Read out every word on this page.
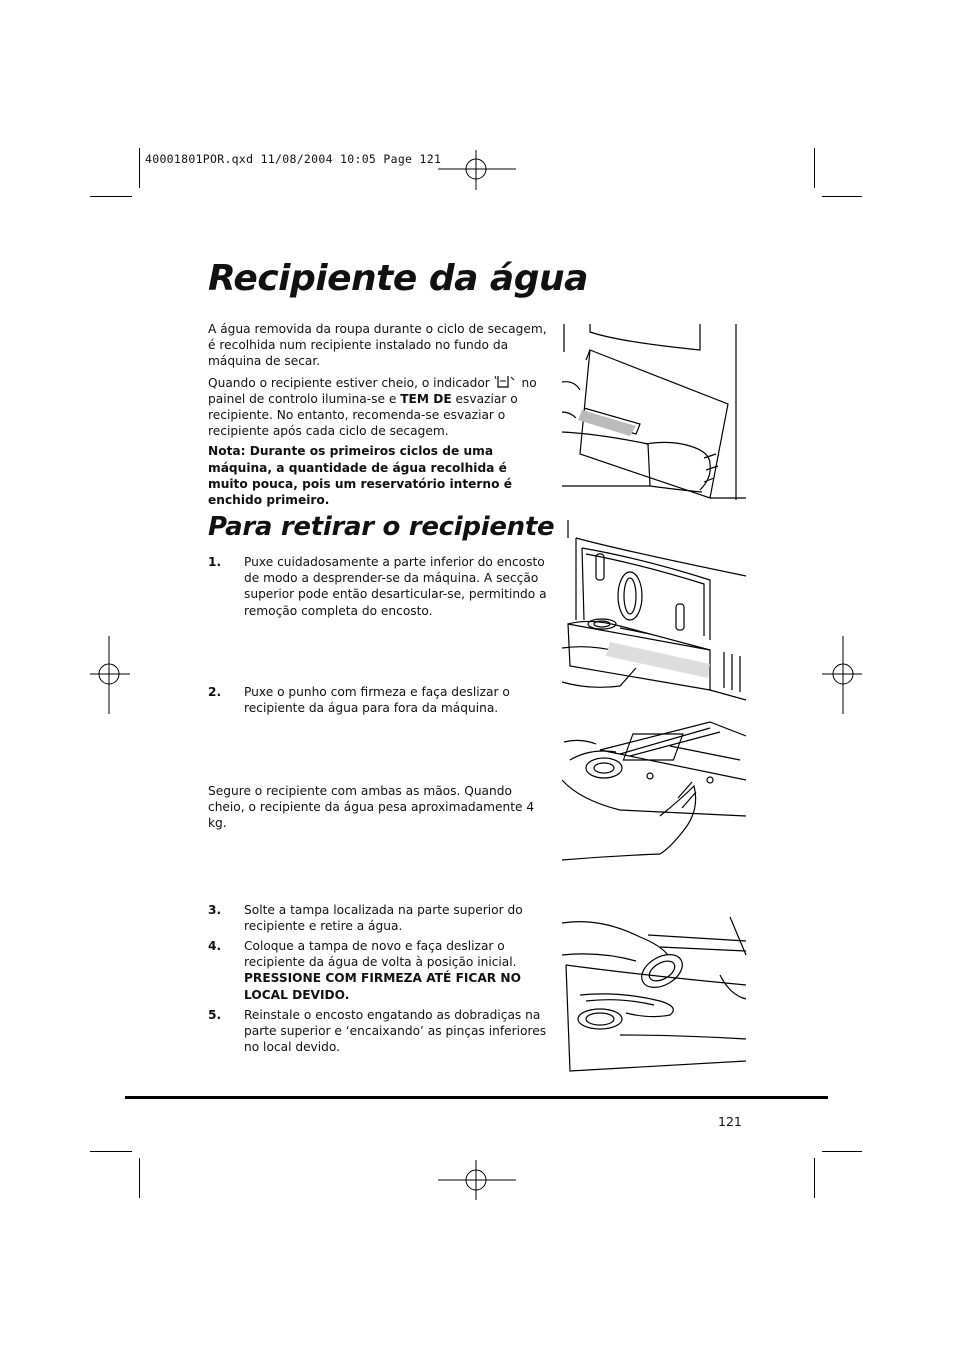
40001801POR.qxd 11/08/2004 10:05 Page 121
Recipiente da água

A água removida da roupa durante o ciclo de secagem, é recolhida num recipiente instalado no fundo da máquina de secar.

Quando o recipiente estiver cheio, o indicador	no painel de controlo ilumina-se e TEM DE esvaziar o recipiente. No entanto, recomenda-se esvaziar o recipiente após cada ciclo de secagem.

Nota: Durante os primeiros ciclos de uma máquina, a quantidade de água recolhida é muito pouca, pois um reservatório interno é enchido primeiro.

Para retirar o recipiente
1.	Puxe cuidadosamente a parte inferior do encosto de modo a desprender-se da máquina. A secção superior pode então desarticular-se, permitindo a remoção completa do encosto.
2.	Puxe o punho com firmeza e faça deslizar o recipiente da água para fora da máquina.
Segure o recipiente com ambas as mãos. Quando cheio, o recipiente da água pesa aproximadamente 4 kg.
3.	Solte a tampa localizada na parte superior do recipiente e retire a água.
4.	Coloque a tampa de novo e faça deslizar o recipiente da água de volta à posição inicial.
PRESSIONE COM FIRMEZA ATÉ FICAR NO LOCAL DEVIDO.
5.	Reinstale o encosto engatando as dobradiças na parte superior e ‘encaixando’ as pinças inferiores no local devido.
121
